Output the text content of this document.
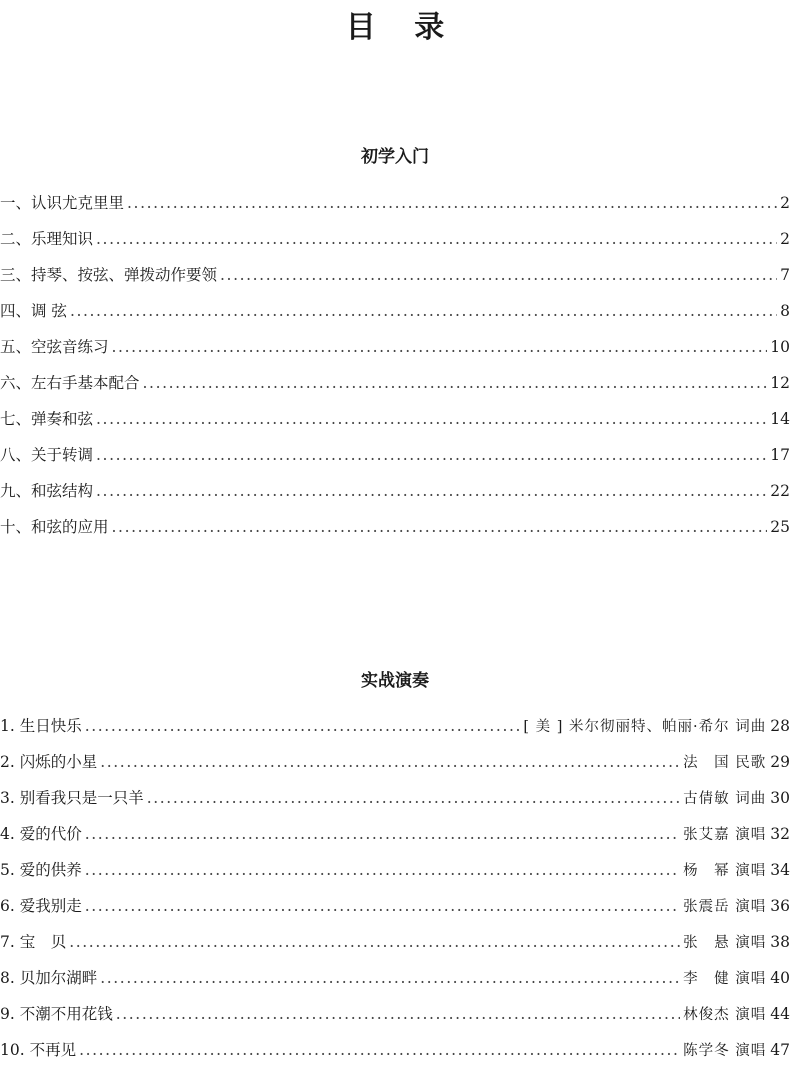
目 录
初学入门
一、认识尤克里里 .....	2
二、乐理知识 .....	2
三、持琴、按弦、弹拨动作要领 .....	7
四、调 弦 .....	8
五、空弦音练习 .....	10
六、左右手基本配合 .....	12
七、弹奏和弦 .....	14
八、关于转调 .....	17
九、和弦结构 .....	22
十、和弦的应用 .....	25
实战演奏
1. 生日快乐 .....	[ 美 ] 米尔彻丽特、帕丽·希尔 词曲 28
2. 闪烁的小星 .....	法　国 民歌 29
3. 别看我只是一只羊 .....	古倩敏 词曲 30
4. 爱的代价 .....	张艾嘉 演唱 32
5. 爱的供养 .....	杨　幂 演唱 34
6. 爱我别走 .....	张震岳 演唱 36
7. 宝　贝 .....	张　悬 演唱 38
8. 贝加尔湖畔 .....	李　健 演唱 40
9. 不潮不用花钱 .....	林俊杰 演唱 44
10. 不再见 .....	陈学冬 演唱 47
